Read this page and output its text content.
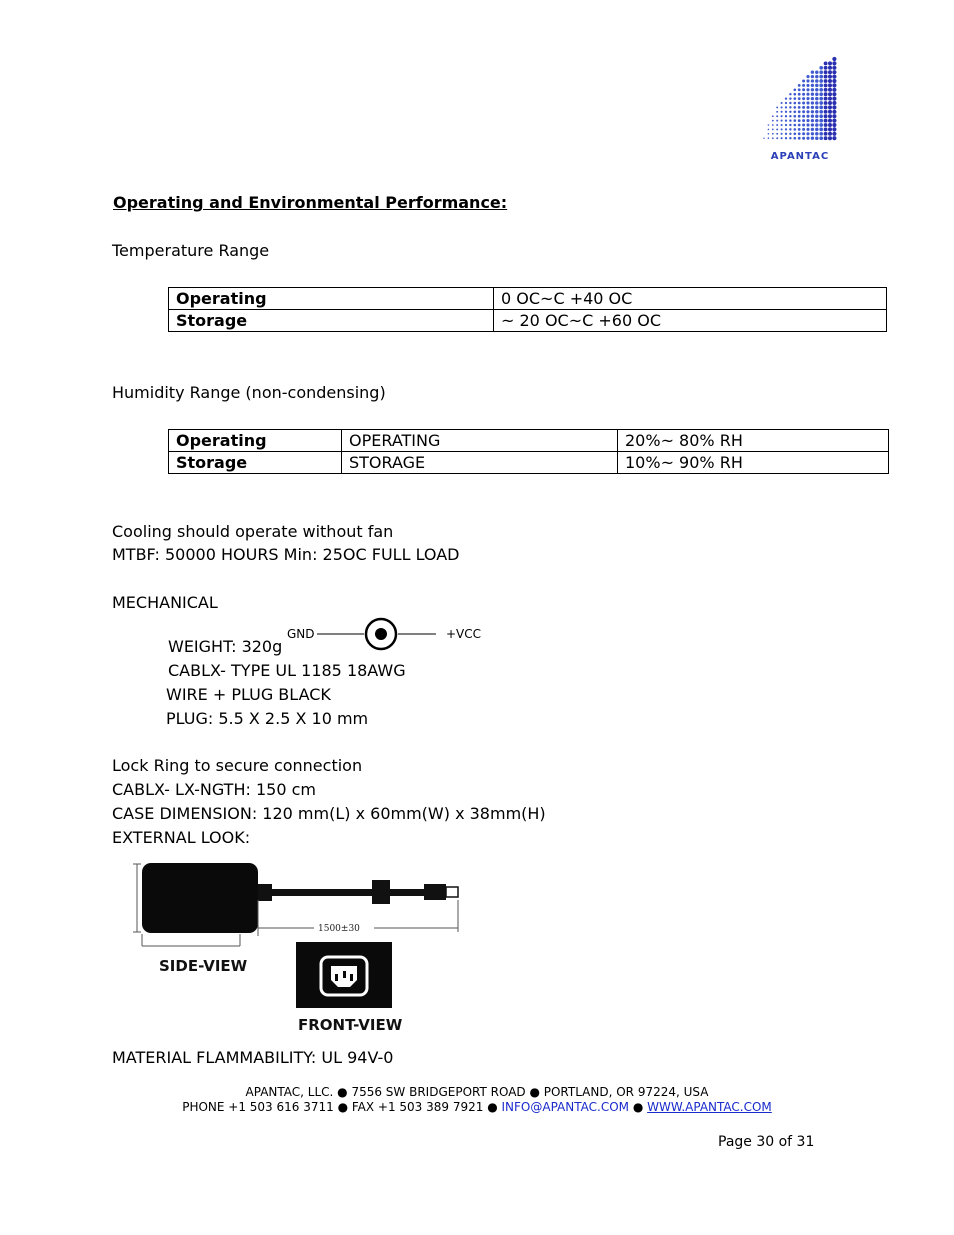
APANTAC
Operating and Environmental Performance:
Temperature Range
Operating	0 OC~C +40 OC
Storage	~ 20 OC~C +60 OC
Humidity Range (non-condensing)
Operating	OPERATING	20%~ 80% RH
Storage	STORAGE	10%~ 90% RH
Cooling should operate without fan
MTBF: 50000 HOURS Min: 25OC FULL LOAD
MECHANICAL
WEIGHT: 320g
GND	+VCC
CABLX- TYPE UL 1185 18AWG
WIRE + PLUG BLACK
PLUG: 5.5 X 2.5 X 10 mm
Lock Ring to secure connection
CABLX- LX-NGTH: 150 cm
CASE DIMENSION: 120 mm(L) x 60mm(W) x 38mm(H)
EXTERNAL LOOK:
1500±30
SIDE-VIEW
FRONT-VIEW
MATERIAL FLAMMABILITY: UL 94V-0
APANTAC, LLC. ● 7556 SW BRIDGEPORT ROAD ● PORTLAND, OR 97224, USA
PHONE +1 503 616 3711 ● FAX +1 503 389 7921 ● INFO@APANTAC.COM ● WWW.APANTAC.COM
Page 30 of 31
